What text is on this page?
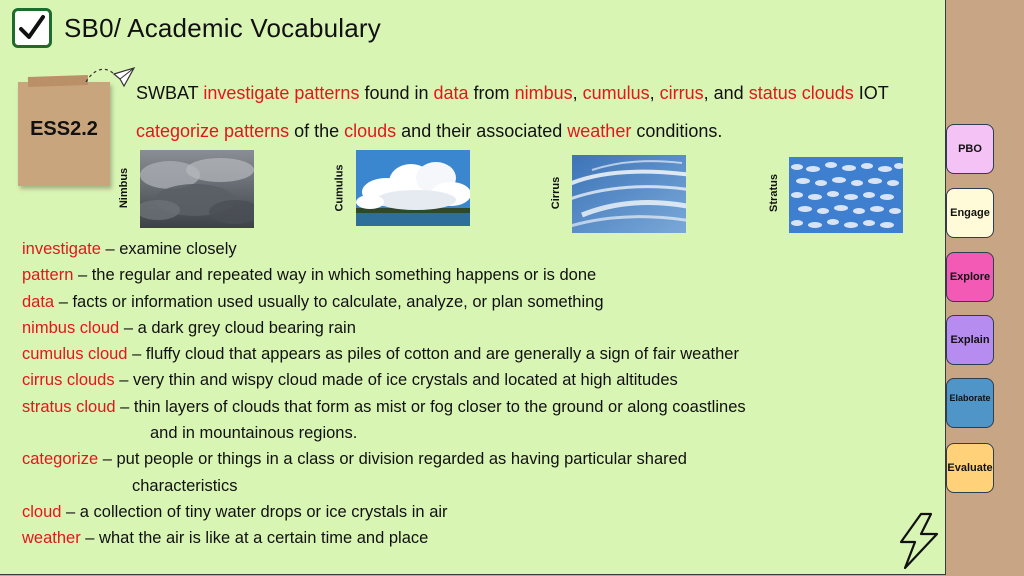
SB0/ Academic Vocabulary
ESS2.2
SWBAT investigate patterns found in data from nimbus, cumulus, cirrus, and status clouds IOT categorize patterns of the clouds and their associated weather conditions.
Nimbus	Cumulus	Cirrus	Stratus
investigate – examine closely
pattern – the regular and repeated way in which something happens or is done
data – facts or information used usually to calculate, analyze, or plan something
nimbus cloud – a dark grey cloud bearing rain
cumulus cloud – fluffy cloud that appears as piles of cotton and are generally a sign of fair weather
cirrus clouds – very thin and wispy cloud made of ice crystals and located at high altitudes
stratus cloud – thin layers of clouds that form as mist or fog closer to the ground or along coastlines
and in mountainous regions.
categorize – put people or things in a class or division regarded as having particular shared
characteristics
cloud – a collection of tiny water drops or ice crystals in air
weather – what the air is like at a certain time and place
PBO
Engage
Explore
Explain
Elaborate
Evaluate
